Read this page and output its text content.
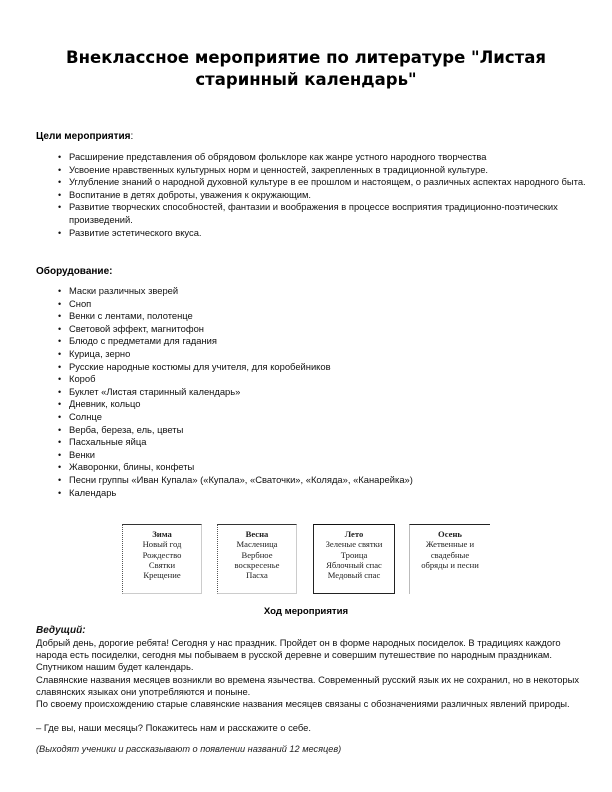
Внеклассное мероприятие по литературе "Листая старинный календарь"
Цели мероприятия:
• Расширение представления об обрядовом фольклоре как жанре устного народного творчества
• Усвоение нравственных культурных норм и ценностей, закрепленных в традиционной культуре.
• Углубление знаний о народной духовной культуре в ее прошлом и настоящем, о различных аспектах народного быта.
• Воспитание в детях доброты, уважения к окружающим.
• Развитие творческих способностей, фантазии и воображения в процессе восприятия традиционно-поэтических произведений.
• Развитие эстетического вкуса.
Оборудование:
• Маски различных зверей
• Сноп
• Венки с лентами, полотенце
• Световой эффект, магнитофон
• Блюдо с предметами для гадания
• Курица, зерно
• Русские народные костюмы для учителя, для коробейников
• Короб
• Буклет «Листая старинный календарь»
• Дневник, кольцо
• Солнце
• Верба, береза, ель, цветы
• Пасхальные яйца
• Венки
• Жаворонки, блины, конфеты
• Песни группы «Иван Купала» («Купала», «Сваточки», «Коляда», «Канарейка»)
• Календарь
Зима
Новый год
Рождество
Святки
Крещение
Весна
Масленица
Вербное
воскресенье
Пасха
Лето
Зеленые святки
Троица
Яблочный спас
Медовый спас
Осень
Жетвенные и
свадебные
обряды и песни
Ход мероприятия
Ведущий:

Добрый день, дорогие ребята! Сегодня у нас праздник. Пройдет он в форме народных посиделок. В традициях каждого народа есть посиделки, сегодня мы побываем в русской деревне и совершим путешествие по народным праздникам. Спутником нашим будет календарь.

Славянские названия месяцев возникли во времена язычества. Современный русский язык их не сохранил, но в некоторых славянских языках они употребляются и поныне.

По своему происхождению старые славянские названия месяцев связаны с обозначениями различных явлений природы.

– Где вы, наши месяцы? Покажитесь нам и расскажите о себе.

(Выходят ученики и рассказывают о появлении названий 12 месяцев)
